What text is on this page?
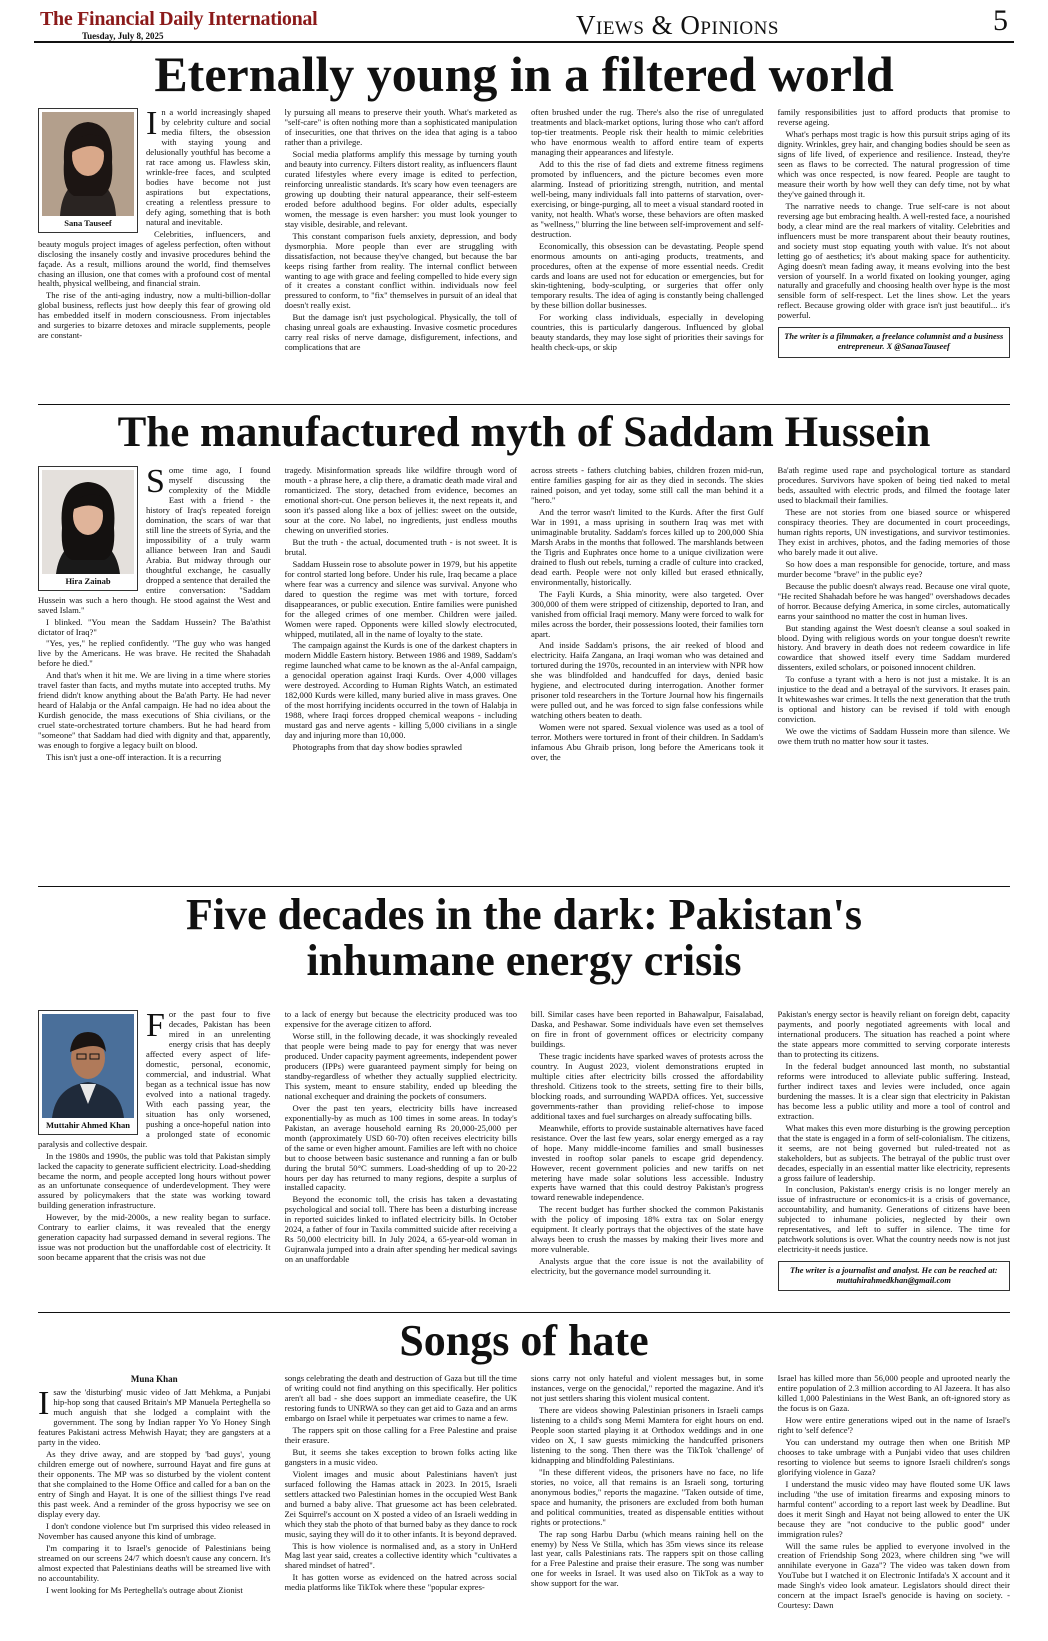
The Financial Daily International
Tuesday, July 8, 2025	Views & Opinions	5
Eternally young in a filtered world
Sana Tauseef

In a world increasingly shaped by celebrity culture and social media filters, the obsession with staying young and delusionally youthful has become a rat race among us. Flawless skin, wrinkle-free faces, and sculpted bodies have become not just aspirations but expectations, creating a relentless pressure to defy aging, something that is both natural and inevitable.

Celebrities, influencers, and beauty moguls project images of ageless perfection, often without disclosing the insanely costly and invasive procedures behind the façade. As a result, millions around the world, find themselves chasing an illusion, one that comes with a profound cost of mental health, physical wellbeing, and financial strain.

The rise of the anti-aging industry, now a multi-billion-dollar global business, reflects just how deeply this fear of growing old has embedded itself in modern consciousness. From injectables and surgeries to bizarre detoxes and miracle supplements, people are constant-

ly pursuing all means to preserve their youth. What's marketed as "self-care" is often nothing more than a sophisticated manipulation of insecurities, one that thrives on the idea that aging is a taboo rather than a privilege.

Social media platforms amplify this message by turning youth and beauty into currency. Filters distort reality, as influencers flaunt curated lifestyles where every image is edited to perfection, reinforcing unrealistic standards. It's scary how even teenagers are growing up doubting their natural appearance, their self-esteem eroded before adulthood begins. For older adults, especially women, the message is even harsher: you must look younger to stay visible, desirable, and relevant.

This constant comparison fuels anxiety, depression, and body dysmorphia. More people than ever are struggling with dissatisfaction, not because they've changed, but because the bar keeps rising farther from reality. The internal conflict between wanting to age with grace and feeling compelled to hide every sign of it creates a constant conflict within. individuals now feel pressured to conform, to "fix" themselves in pursuit of an ideal that doesn't really exist.

But the damage isn't just psychological. Physically, the toll of chasing unreal goals are exhausting. Invasive cosmetic procedures carry real risks of nerve damage, disfigurement, infections, and complications that are

often brushed under the rug. There's also the rise of unregulated treatments and black-market options, luring those who can't afford top-tier treatments. People risk their health to mimic celebrities who have enormous wealth to afford entire team of experts managing their appearances and lifestyle.

Add to this the rise of fad diets and extreme fitness regimens promoted by influencers, and the picture becomes even more alarming. Instead of prioritizing strength, nutrition, and mental well-being, many individuals fall into patterns of starvation, over-exercising, or binge-purging, all to meet a visual standard rooted in vanity, not health. What's worse, these behaviors are often masked as "wellness," blurring the line between self-improvement and self-destruction.

Economically, this obsession can be devastating. People spend enormous amounts on anti-aging products, treatments, and procedures, often at the expense of more essential needs. Credit cards and loans are used not for education or emergencies, but for skin-tightening, body-sculpting, or surgeries that offer only temporary results. The idea of aging is constantly being challenged by these billion dollar businesses.

For working class individuals, especially in developing countries, this is particularly dangerous. Influenced by global beauty standards, they may lose sight of priorities their savings for health check-ups, or skip

family responsibilities just to afford products that promise to reverse ageing.

What's perhaps most tragic is how this pursuit strips aging of its dignity. Wrinkles, grey hair, and changing bodies should be seen as signs of life lived, of experience and resilience. Instead, they're seen as flaws to be corrected. The natural progression of time which was once respected, is now feared. People are taught to measure their worth by how well they can defy time, not by what they've gained through it.

The narrative needs to change. True self-care is not about reversing age but embracing health. A well-rested face, a nourished body, a clear mind are the real markers of vitality. Celebrities and influencers must be more transparent about their beauty routines, and society must stop equating youth with value. It's not about letting go of aesthetics; it's about making space for authenticity. Aging doesn't mean fading away, it means evolving into the best version of yourself. In a world fixated on looking younger, aging naturally and gracefully and choosing health over hype is the most sensible form of self-respect. Let the lines show. Let the years reflect. Because growing older with grace isn't just beautiful... it's powerful.

The writer is a filmmaker, a freelance columnist and a business entrepreneur. X @SanaaTauseef
The manufactured myth of Saddam Hussein
Hira Zainab

Some time ago, I found myself discussing the complexity of the Middle East with a friend - the history of Iraq's repeated foreign domination, the scars of war that still line the streets of Syria, and the impossibility of a truly warm alliance between Iran and Saudi Arabia. But midway through our thoughtful exchange, he casually dropped a sentence that derailed the entire conversation: "Saddam Hussein was such a hero though. He stood against the West and saved Islam."

I blinked. "You mean the Saddam Hussein? The Ba'athist dictator of Iraq?"

"Yes, yes," he replied confidently. "The guy who was hanged live by the Americans. He was brave. He recited the Shahadah before he died."

And that's when it hit me. We are living in a time where stories travel faster than facts, and myths mutate into accepted truths. My friend didn't know anything about the Ba'ath Party. He had never heard of Halabja or the Anfal campaign. He had no idea about the Kurdish genocide, the mass executions of Shia civilians, or the cruel state-orchestrated torture chambers. But he had heard from "someone" that Saddam had died with dignity and that, apparently, was enough to forgive a legacy built on blood.

This isn't just a one-off interaction. It is a recurring

tragedy. Misinformation spreads like wildfire through word of mouth - a phrase here, a clip there, a dramatic death made viral and romanticized. The story, detached from evidence, becomes an emotional short-cut. One person believes it, the next repeats it, and soon it's passed along like a box of jellies: sweet on the outside, sour at the core. No label, no ingredients, just endless mouths chewing on unverified stories.

But the truth - the actual, documented truth - is not sweet. It is brutal.

Saddam Hussein rose to absolute power in 1979, but his appetite for control started long before. Under his rule, Iraq became a place where fear was a currency and silence was survival. Anyone who dared to question the regime was met with torture, forced disappearances, or public execution. Entire families were punished for the alleged crimes of one member. Children were jailed. Women were raped. Opponents were killed slowly electrocuted, whipped, mutilated, all in the name of loyalty to the state.

The campaign against the Kurds is one of the darkest chapters in modern Middle Eastern history. Between 1986 and 1989, Saddam's regime launched what came to be known as the al-Anfal campaign, a genocidal operation against Iraqi Kurds. Over 4,000 villages were destroyed. According to Human Rights Watch, an estimated 182,000 Kurds were killed, many buried alive in mass graves. One of the most horrifying incidents occurred in the town of Halabja in 1988, where Iraqi forces dropped chemical weapons - including mustard gas and nerve agents - killing 5,000 civilians in a single day and injuring more than 10,000.

Photographs from that day show bodies sprawled

across streets - fathers clutching babies, children frozen mid-run, entire families gasping for air as they died in seconds. The skies rained poison, and yet today, some still call the man behind it a "hero."

And the terror wasn't limited to the Kurds. After the first Gulf War in 1991, a mass uprising in southern Iraq was met with unimaginable brutality. Saddam's forces killed up to 200,000 Shia Marsh Arabs in the months that followed. The marshlands between the Tigris and Euphrates once home to a unique civilization were drained to flush out rebels, turning a cradle of culture into cracked, dead earth. People were not only killed but erased ethnically, environmentally, historically.

The Fayli Kurds, a Shia minority, were also targeted. Over 300,000 of them were stripped of citizenship, deported to Iran, and vanished from official Iraqi memory. Many were forced to walk for miles across the border, their possessions looted, their families torn apart.

And inside Saddam's prisons, the air reeked of blood and electricity. Haifa Zangana, an Iraqi woman who was detained and tortured during the 1970s, recounted in an interview with NPR how she was blindfolded and handcuffed for days, denied basic hygiene, and electrocuted during interrogation. Another former prisoner told researchers in the Torture Journal how his fingernails were pulled out, and he was forced to sign false confessions while watching others beaten to death.

Women were not spared. Sexual violence was used as a tool of terror. Mothers were tortured in front of their children. In Saddam's infamous Abu Ghraib prison, long before the Americans took it over, the

Ba'ath regime used rape and psychological torture as standard procedures. Survivors have spoken of being tied naked to metal beds, assaulted with electric prods, and filmed the footage later used to blackmail their families.

These are not stories from one biased source or whispered conspiracy theories. They are documented in court proceedings, human rights reports, UN investigations, and survivor testimonies. They exist in archives, photos, and the fading memories of those who barely made it out alive.

So how does a man responsible for genocide, torture, and mass murder become "brave" in the public eye?

Because the public doesn't always read. Because one viral quote, "He recited Shahadah before he was hanged" overshadows decades of horror. Because defying America, in some circles, automatically earns your sainthood no matter the cost in human lives.

But standing against the West doesn't cleanse a soul soaked in blood. Dying with religious words on your tongue doesn't rewrite history. And bravery in death does not redeem cowardice in life cowardice that showed itself every time Saddam murdered dissenters, exiled scholars, or poisoned innocent children.

To confuse a tyrant with a hero is not just a mistake. It is an injustice to the dead and a betrayal of the survivors. It erases pain. It whitewashes war crimes. It tells the next generation that the truth is optional and history can be revised if told with enough conviction.

We owe the victims of Saddam Hussein more than silence. We owe them truth no matter how sour it tastes.

Five decades in the dark: Pakistan's
inhumane energy crisis
Muttahir Ahmed Khan

For the past four to five decades, Pakistan has been mired in an unrelenting energy crisis that has deeply affected every aspect of life-domestic, personal, economic, commercial, and industrial. What began as a technical issue has now evolved into a national tragedy. With each passing year, the situation has only worsened, pushing a once-hopeful nation into a prolonged state of economic paralysis and collective despair.

In the 1980s and 1990s, the public was told that Pakistan simply lacked the capacity to generate sufficient electricity. Load-shedding became the norm, and people accepted long hours without power as an unfortunate consequence of underdevelopment. They were assured by policymakers that the state was working toward building generation infrastructure.

However, by the mid-2000s, a new reality began to surface. Contrary to earlier claims, it was revealed that the energy generation capacity had surpassed demand in several regions. The issue was not production but the unaffordable cost of electricity. It soon became apparent that the crisis was not due

to a lack of energy but because the electricity produced was too expensive for the average citizen to afford.

Worse still, in the following decade, it was shockingly revealed that people were being made to pay for energy that was never produced. Under capacity payment agreements, independent power producers (IPPs) were guaranteed payment simply for being on standby-regardless of whether they actually supplied electricity. This system, meant to ensure stability, ended up bleeding the national exchequer and draining the pockets of consumers.

Over the past ten years, electricity bills have increased exponentially-by as much as 100 times in some areas. In today's Pakistan, an average household earning Rs 20,000-25,000 per month (approximately USD 60-70) often receives electricity bills of the same or even higher amount. Families are left with no choice but to choose between basic sustenance and running a fan or bulb during the brutal 50°C summers. Load-shedding of up to 20-22 hours per day has returned to many regions, despite a surplus of installed capacity.

Beyond the economic toll, the crisis has taken a devastating psychological and social toll. There has been a disturbing increase in reported suicides linked to inflated electricity bills. In October 2024, a father of four in Taxila committed suicide after receiving a Rs 50,000 electricity bill. In July 2024, a 65-year-old woman in Gujranwala jumped into a drain after spending her medical savings on an unaffordable

bill. Similar cases have been reported in Bahawalpur, Faisalabad, Daska, and Peshawar. Some individuals have even set themselves on fire in front of government offices or electricity company buildings.

These tragic incidents have sparked waves of protests across the country. In August 2023, violent demonstrations erupted in multiple cities after electricity bills crossed the affordability threshold. Citizens took to the streets, setting fire to their bills, blocking roads, and surrounding WAPDA offices. Yet, successive governments-rather than providing relief-chose to impose additional taxes and fuel surcharges on already suffocating bills.

Meanwhile, efforts to provide sustainable alternatives have faced resistance. Over the last few years, solar energy emerged as a ray of hope. Many middle-income families and small businesses invested in rooftop solar panels to escape grid dependency. However, recent government policies and new tariffs on net metering have made solar solutions less accessible. Industry experts have warned that this could destroy Pakistan's progress toward renewable independence.

The recent budget has further shocked the common Pakistanis with the policy of imposing 18% extra tax on Solar energy equipment. It clearly portrays that the objectives of the state have always been to crush the masses by making their lives more and more vulnerable.

Analysts argue that the core issue is not the availability of electricity, but the governance model surrounding it.

Pakistan's energy sector is heavily reliant on foreign debt, capacity payments, and poorly negotiated agreements with local and international producers. The situation has reached a point where the state appears more committed to serving corporate interests than to protecting its citizens.

In the federal budget announced last month, no substantial reforms were introduced to alleviate public suffering. Instead, further indirect taxes and levies were included, once again burdening the masses. It is a clear sign that electricity in Pakistan has become less a public utility and more a tool of control and extraction.

What makes this even more disturbing is the growing perception that the state is engaged in a form of self-colonialism. The citizens, it seems, are not being governed but ruled-treated not as stakeholders, but as subjects. The betrayal of the public trust over decades, especially in an essential matter like electricity, represents a gross failure of leadership.

In conclusion, Pakistan's energy crisis is no longer merely an issue of infrastructure or economics-it is a crisis of governance, accountability, and humanity. Generations of citizens have been subjected to inhumane policies, neglected by their own representatives, and left to suffer in silence. The time for patchwork solutions is over. What the country needs now is not just electricity-it needs justice.

The writer is a journalist and analyst. He can be reached at: muttahirahmedkhan@gmail.com
Songs of hate
Muna Khan

I saw the 'disturbing' music video of Jatt Mehkma, a Punjabi hip-hop song that caused Britain's MP Manuela Perteghella so much anguish that she lodged a complaint with the government. The song by Indian rapper Yo Yo Honey Singh features Pakistani actress Mehwish Hayat; they are gangsters at a party in the video.

As they drive away, and are stopped by 'bad guys', young children emerge out of nowhere, surround Hayat and fire guns at their opponents. The MP was so disturbed by the violent content that she complained to the Home Office and called for a ban on the entry of Singh and Hayat. It is one of the silliest things I've read this past week. And a reminder of the gross hypocrisy we see on display every day.

I don't condone violence but I'm surprised this video released in November has caused anyone this kind of umbrage.

I'm comparing it to Israel's genocide of Palestinians being streamed on our screens 24/7 which doesn't cause any concern. It's almost expected that Palestinians deaths will be streamed live with no accountability.

I went looking for Ms Perteghella's outrage about Zionist

songs celebrating the death and destruction of Gaza but till the time of writing could not find anything on this specifically. Her politics aren't all bad - she does support an immediate ceasefire, the UK restoring funds to UNRWA so they can get aid to Gaza and an arms embargo on Israel while it perpetuates war crimes to name a few.

The rappers spit on those calling for a Free Palestine and praise their erasure.

But, it seems she takes exception to brown folks acting like gangsters in a music video.

Violent images and music about Palestinians haven't just surfaced following the Hamas attack in 2023. In 2015, Israeli settlers attacked two Palestinian homes in the occupied West Bank and burned a baby alive. That gruesome act has been celebrated. Zei Squirrel's account on X posted a video of an Israeli wedding in which they stab the photo of that burned baby as they dance to rock music, saying they will do it to other infants. It is beyond depraved.

This is how violence is normalised and, as a story in UnHerd Mag last year said, creates a collective identity which "cultivates a shared mindset of hatred".

It has gotten worse as evidenced on the hatred across social media platforms like TikTok where these "popular expres-

sions carry not only hateful and violent messages but, in some instances, verge on the genocidal," reported the magazine. And it's not just settlers sharing this violent musical content.

There are videos showing Palestinian prisoners in Israeli camps listening to a child's song Memi Mamtera for eight hours on end. People soon started playing it at Orthodox weddings and in one video on X, I saw guests mimicking the handcuffed prisoners listening to the song. Then there was the TikTok 'challenge' of kidnapping and blindfolding Palestinians.

"In these different videos, the prisoners have no face, no life stories, no voice, all that remains is an Israeli song, torturing anonymous bodies," reports the magazine. "Taken outside of time, space and humanity, the prisoners are excluded from both human and political communities, treated as dispensable entities without rights or protections."

The rap song Harbu Darbu (which means raining hell on the enemy) by Ness Ve Stilla, which has 35m views since its release last year, calls Palestinians rats. The rappers spit on those calling for a Free Palestine and praise their erasure. The song was number one for weeks in Israel. It was used also on TikTok as a way to show support for the war.

Israel has killed more than 56,000 people and uprooted nearly the entire population of 2.3 million according to Al Jazeera. It has also killed 1,000 Palestinians in the West Bank, an oft-ignored story as the focus is on Gaza.

How were entire generations wiped out in the name of Israel's right to 'self defence'?

You can understand my outrage then when one British MP chooses to take umbrage with a Punjabi video that uses children resorting to violence but seems to ignore Israeli children's songs glorifying violence in Gaza?

I understand the music video may have flouted some UK laws including "the use of imitation firearms and exposing minors to harmful content" according to a report last week by Deadline. But does it merit Singh and Hayat not being allowed to enter the UK because they are "not conducive to the public good" under immigration rules?

Will the same rules be applied to everyone involved in the creation of Friendship Song 2023, where children sing "we will annihilate everyone in Gaza"? The video was taken down from YouTube but I watched it on Electronic Intifada's X account and it made Singh's video look amateur. Legislators should direct their concern at the impact Israel's genocide is having on society. -Courtesy: Dawn
